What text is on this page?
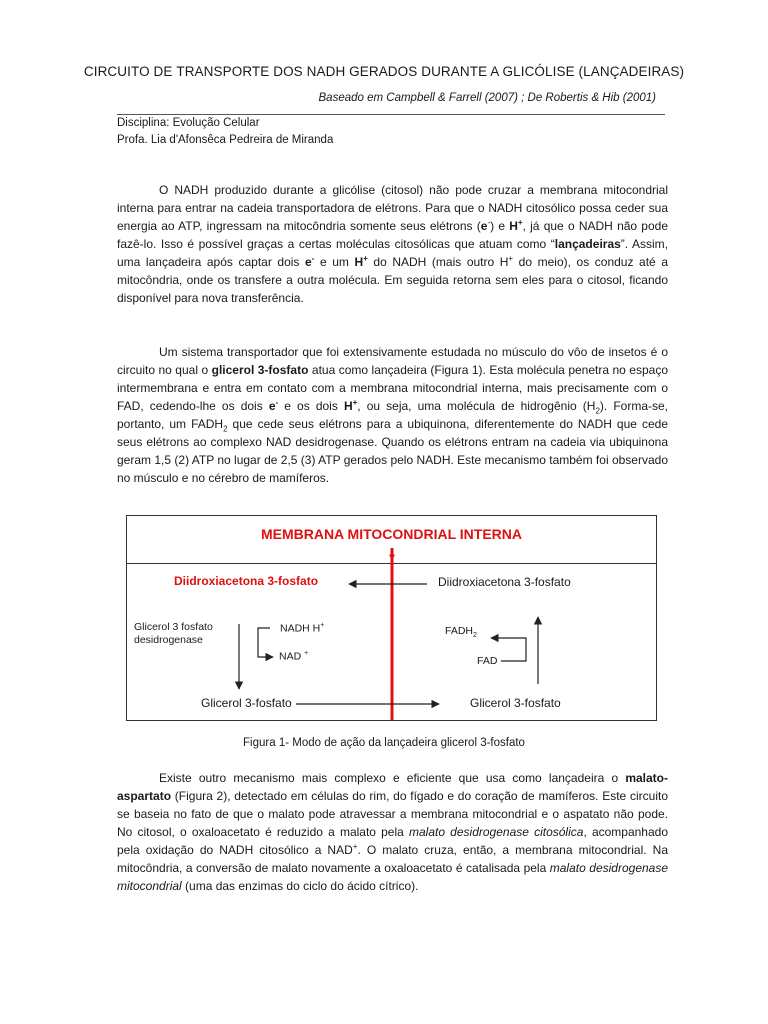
CIRCUITO DE TRANSPORTE DOS NADH GERADOS DURANTE A GLICÓLISE (LANÇADEIRAS)
Baseado em Campbell & Farrell (2007) ; De Robertis & Hib (2001)
Disciplina: Evolução Celular
Profa. Lia d'Afonsêca Pedreira de Miranda

O NADH produzido durante a glicólise (citosol) não pode cruzar a membrana mitocondrial interna para entrar na cadeia transportadora de elétrons. Para que o NADH citosólico possa ceder sua energia ao ATP, ingressam na mitocôndria somente seus elétrons (e-) e H+, já que o NADH não pode fazê-lo. Isso é possível graças a certas moléculas citosólicas que atuam como “lançadeiras”. Assim, uma lançadeira após captar dois e- e um H+ do NADH (mais outro H+ do meio), os conduz até a mitocôndria, onde os transfere a outra molécula. Em seguida retorna sem eles para o citosol, ficando disponível para nova transferência.

Um sistema transportador que foi extensivamente estudada no músculo do vôo de insetos é o circuito no qual o glicerol 3-fosfato atua como lançadeira (Figura 1). Esta molécula penetra no espaço intermembrana e entra em contato com a membrana mitocondrial interna, mais precisamente com o FAD, cedendo-lhe os dois e- e os dois H+, ou seja, uma molécula de hidrogênio $(H_2)$. Forma-se, portanto, um $FADH_2$ que cede seus elétrons para a ubiquinona, diferentemente do NADH que cede seus elétrons ao complexo NAD desidrogenase. Quando os elétrons entram na cadeia via ubiquinona geram 1,5 (2) ATP no lugar de 2,5 (3) ATP gerados pelo NADH. Este mecanismo também foi observado no músculo e no cérebro de mamíferos.

MEMBRANA MITOCONDRIAL INTERNA
Diidroxiacetona 3-fosfato	Diidroxiacetona 3-fosfato
Glicerol 3 fosfato
desidrogenase
NADH H+
NAD +
$FADH_2$
FAD
Glicerol 3-fosfato	Glicerol 3-fosfato
Figura 1- Modo de ação da lançadeira glicerol 3-fosfato

Existe outro mecanismo mais complexo e eficiente que usa como lançadeira o malato-aspartato (Figura 2), detectado em células do rim, do fígado e do coração de mamíferos. Este circuito se baseia no fato de que o malato pode atravessar a membrana mitocondrial e o aspatato não pode. No citosol, o oxaloacetato é reduzido a malato pela malato desidrogenase citosólica, acompanhado pela oxidação do NADH citosólico a NAD+. O malato cruza, então, a membrana mitocondrial. Na mitocôndria, a conversão de malato novamente a oxaloacetato é catalisada pela malato desidrogenase mitocondrial (uma das enzimas do ciclo do ácido cítrico).
